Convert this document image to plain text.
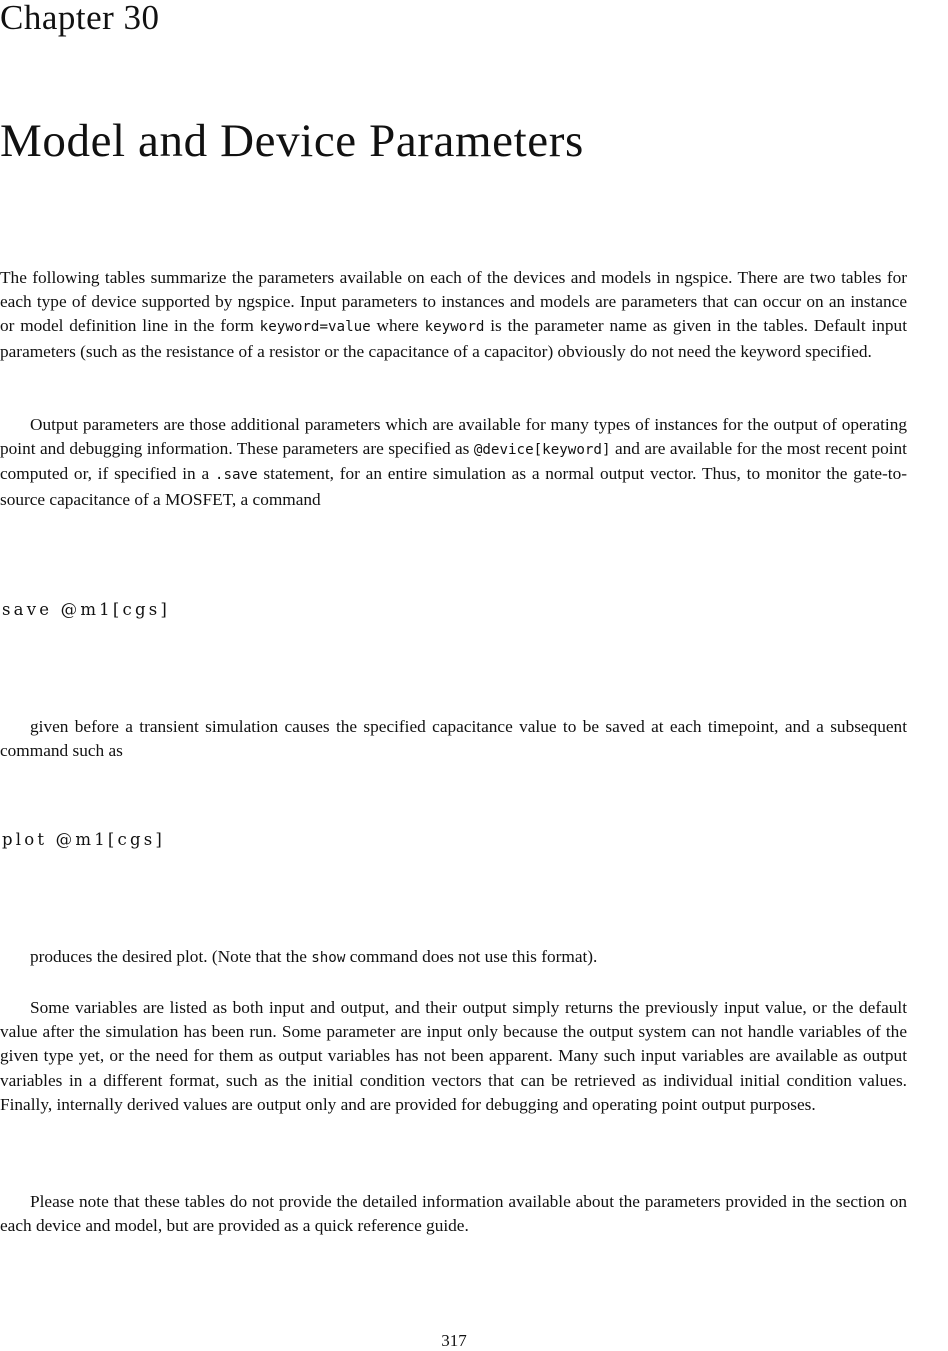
Chapter 30
Model and Device Parameters

The following tables summarize the parameters available on each of the devices and models in ngspice. There are two tables for each type of device supported by ngspice. Input parameters to instances and models are parameters that can occur on an instance or model definition line in the form keyword=value where keyword is the parameter name as given in the tables. Default input parameters (such as the resistance of a resistor or the capacitance of a capacitor) obviously do not need the keyword specified.

Output parameters are those additional parameters which are available for many types of instances for the output of operating point and debugging information. These parameters are specified as @device[keyword] and are available for the most recent point computed or, if specified in a .save statement, for an entire simulation as a normal output vector. Thus, to monitor the gate-to-source capacitance of a MOSFET, a command

save @m1[cgs]

given before a transient simulation causes the specified capacitance value to be saved at each timepoint, and a subsequent command such as

plot @m1[cgs]

produces the desired plot. (Note that the show command does not use this format).

Some variables are listed as both input and output, and their output simply returns the previously input value, or the default value after the simulation has been run. Some parameter are input only because the output system can not handle variables of the given type yet, or the need for them as output variables has not been apparent. Many such input variables are available as output variables in a different format, such as the initial condition vectors that can be retrieved as individual initial condition values. Finally, internally derived values are output only and are provided for debugging and operating point output purposes.

Please note that these tables do not provide the detailed information available about the parameters provided in the section on each device and model, but are provided as a quick reference guide.

317
